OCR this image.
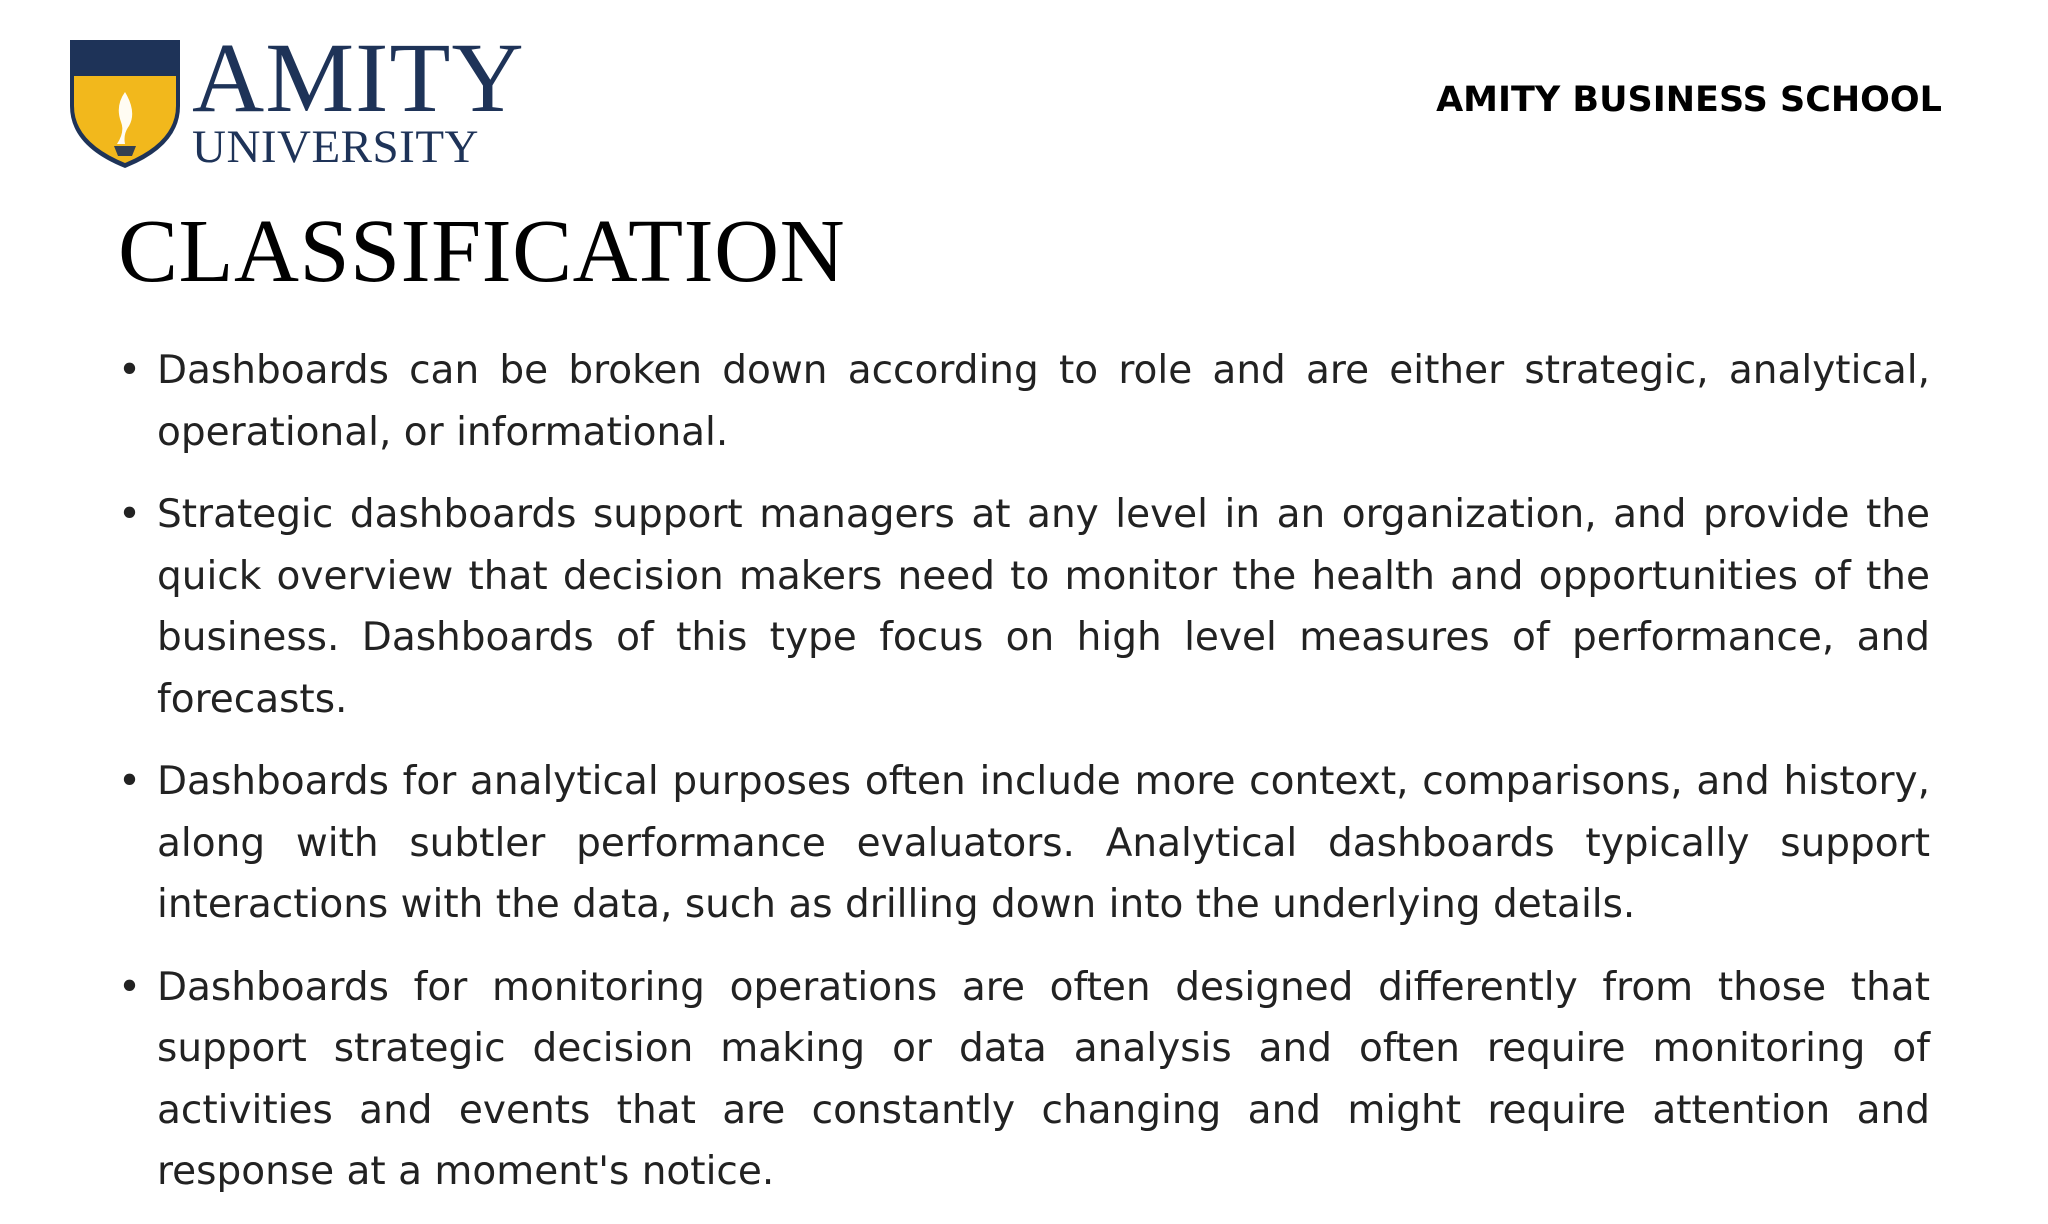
AMITY
UNIVERSITY
AMITY BUSINESS SCHOOL
CLASSIFICATION
• Dashboards can be broken down according to role and are either strategic, analytical, operational, or informational.
• Strategic dashboards support managers at any level in an organization, and provide the quick overview that decision makers need to monitor the health and opportunities of the business. Dashboards of this type focus on high level measures of performance, and forecasts.
• Dashboards for analytical purposes often include more context, comparisons, and history, along with subtler performance evaluators. Analytical dashboards typically support interactions with the data, such as drilling down into the underlying details.
• Dashboards for monitoring operations are often designed differently from those that support strategic decision making or data analysis and often require monitoring of activities and events that are constantly changing and might require attention and response at a moment's notice.
